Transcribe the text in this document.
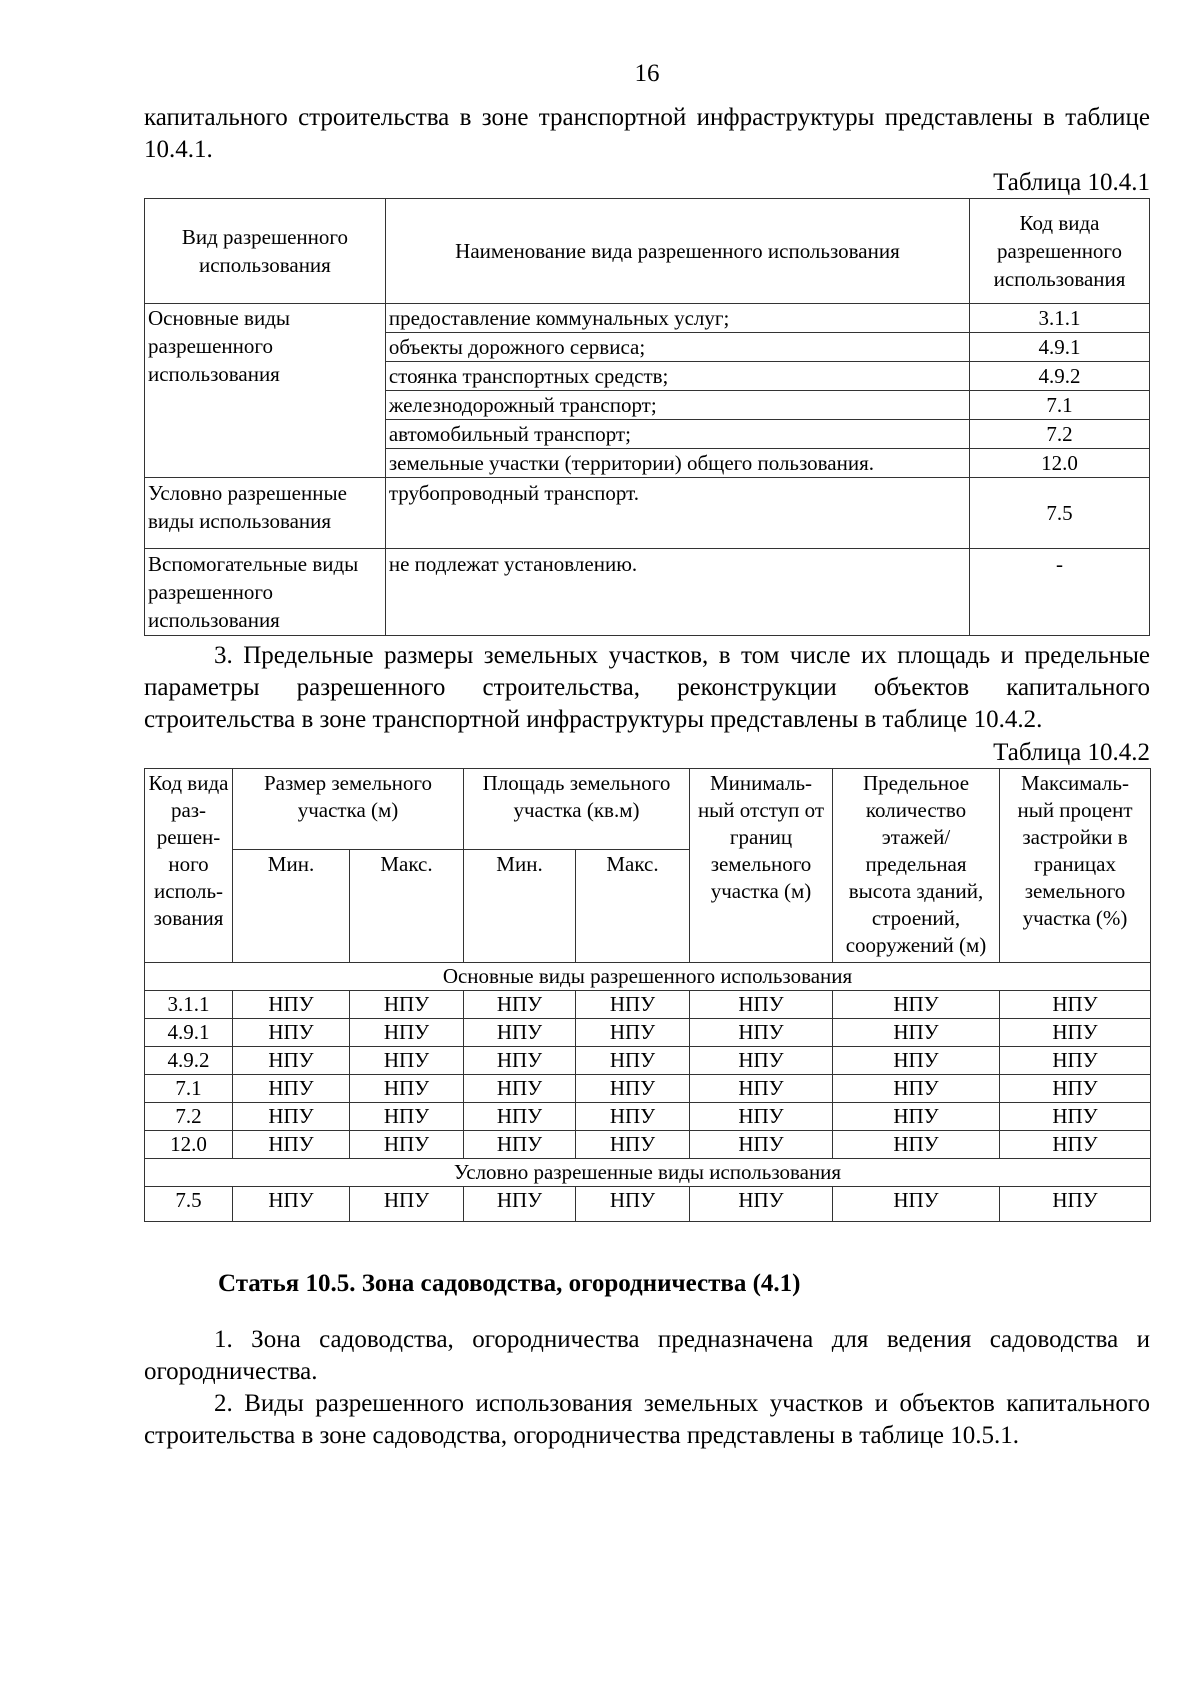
16

капитального строительства в зоне транспортной инфраструктуры представлены в таблице 10.4.1.

Таблица 10.4.1
Вид разрешенного использования	Наименование вида разрешенного использования	Код вида разрешенного использования
Основные виды разрешенного использования	предоставление коммунальных услуг;	3.1.1
	объекты дорожного сервиса;	4.9.1
	стоянка транспортных средств;	4.9.2
	железнодорожный транспорт;	7.1
	автомобильный транспорт;	7.2
	земельные участки (территории) общего пользования.	12.0
Условно разрешенные виды использования	трубопроводный транспорт.	7.5
Вспомогательные виды разрешенного использования	не подлежат установлению.	-

3. Предельные размеры земельных участков, в том числе их площадь и предельные параметры разрешенного строительства, реконструкции объектов капитального строительства в зоне транспортной инфраструктуры представлены в таблице 10.4.2.

Таблица 10.4.2
Код вида раз-решен-ного исполь-зования	Размер земельного участка (м)		Площадь земельного участка (кв.м)		Минималь-ный отступ от границ земельного участка (м)	Предельное количество этажей/ предельная высота зданий, строений, сооружений (м)	Максималь-ный процент застройки в границах земельного участка (%)
	Мин.	Макс.	Мин.	Макс.			
Основные виды разрешенного использования							
3.1.1	НПУ	НПУ	НПУ	НПУ	НПУ	НПУ	НПУ
4.9.1	НПУ	НПУ	НПУ	НПУ	НПУ	НПУ	НПУ
4.9.2	НПУ	НПУ	НПУ	НПУ	НПУ	НПУ	НПУ
7.1	НПУ	НПУ	НПУ	НПУ	НПУ	НПУ	НПУ
7.2	НПУ	НПУ	НПУ	НПУ	НПУ	НПУ	НПУ
12.0	НПУ	НПУ	НПУ	НПУ	НПУ	НПУ	НПУ
Условно разрешенные виды использования							
7.5	НПУ	НПУ	НПУ	НПУ	НПУ	НПУ	НПУ
Статья 10.5. Зона садоводства, огородничества (4.1)

1. Зона садоводства, огородничества предназначена для ведения садоводства и огородничества.

2. Виды разрешенного использования земельных участков и объектов капитального строительства в зоне садоводства, огородничества представлены в таблице 10.5.1.
